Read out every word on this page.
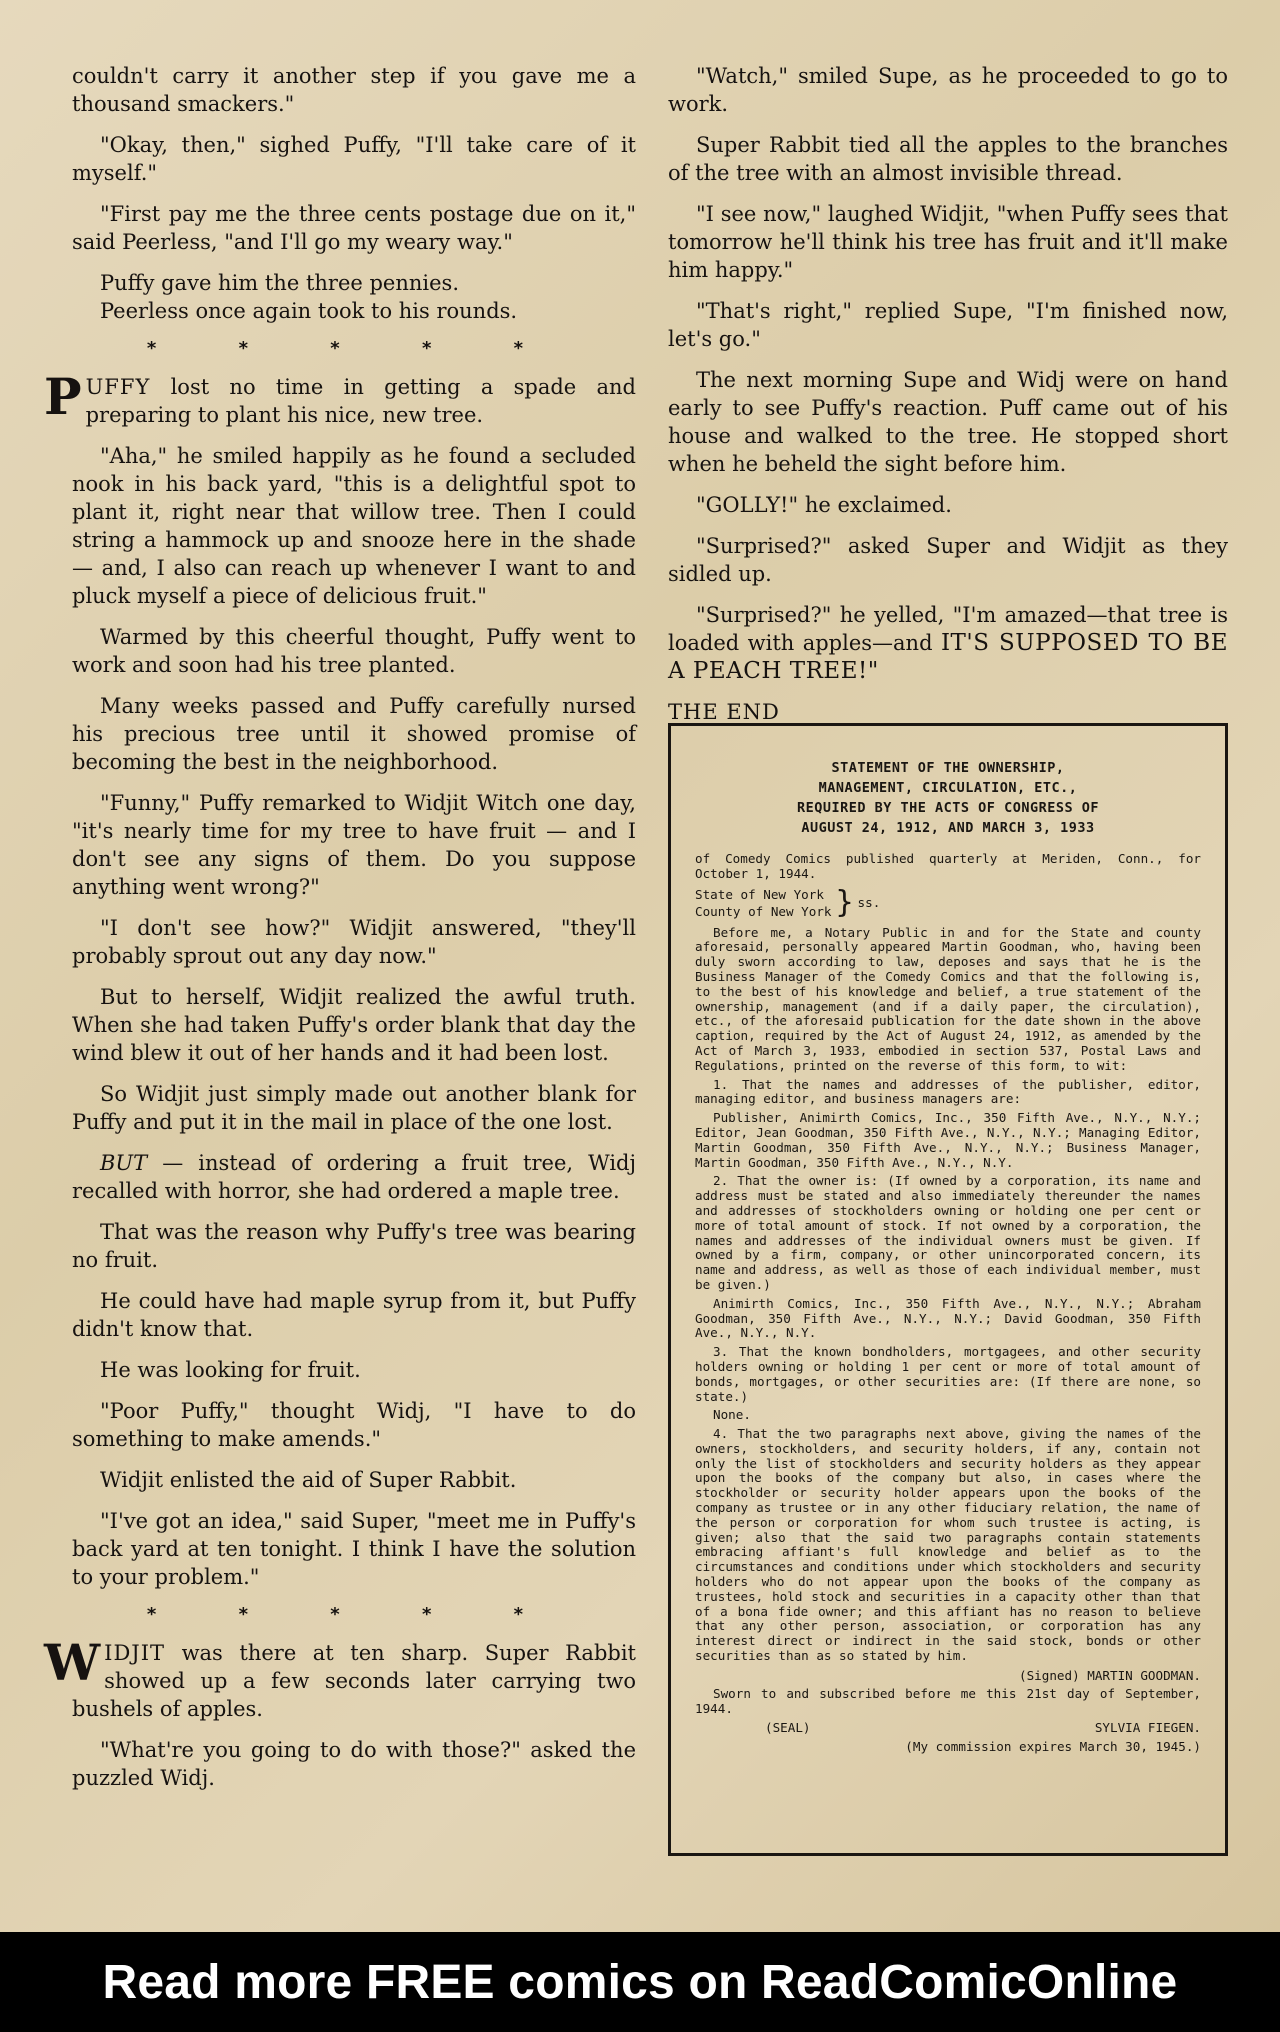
couldn't carry it another step if you gave me a thousand smackers."

"Okay, then," sighed Puffy, "I'll take care of it myself."

"First pay me the three cents postage due on it," said Peerless, "and I'll go my weary way."

Puffy gave him the three pennies.

Peerless once again took to his rounds.

* * * * *

PUFFY lost no time in getting a spade and preparing to plant his nice, new tree.

"Aha," he smiled happily as he found a secluded nook in his back yard, "this is a delightful spot to plant it, right near that willow tree. Then I could string a hammock up and snooze here in the shade — and, I also can reach up whenever I want to and pluck myself a piece of delicious fruit."

Warmed by this cheerful thought, Puffy went to work and soon had his tree planted.

Many weeks passed and Puffy carefully nursed his precious tree until it showed promise of becoming the best in the neighborhood.

"Funny," Puffy remarked to Widjit Witch one day, "it's nearly time for my tree to have fruit — and I don't see any signs of them. Do you suppose anything went wrong?"

"I don't see how?" Widjit answered, "they'll probably sprout out any day now."

But to herself, Widjit realized the awful truth. When she had taken Puffy's order blank that day the wind blew it out of her hands and it had been lost.

So Widjit just simply made out another blank for Puffy and put it in the mail in place of the one lost.

BUT — instead of ordering a fruit tree, Widj recalled with horror, she had ordered a maple tree.

That was the reason why Puffy's tree was bearing no fruit.

He could have had maple syrup from it, but Puffy didn't know that.

He was looking for fruit.

"Poor Puffy," thought Widj, "I have to do something to make amends."

Widjit enlisted the aid of Super Rabbit.

"I've got an idea," said Super, "meet me in Puffy's back yard at ten tonight. I think I have the solution to your problem."

* * * * *

WIDJIT was there at ten sharp. Super Rabbit showed up a few seconds later carrying two bushels of apples.

"What're you going to do with those?" asked the puzzled Widj.

"Watch," smiled Supe, as he proceeded to go to work.

Super Rabbit tied all the apples to the branches of the tree with an almost invisible thread.

"I see now," laughed Widjit, "when Puffy sees that tomorrow he'll think his tree has fruit and it'll make him happy."

"That's right," replied Supe, "I'm finished now, let's go."

The next morning Supe and Widj were on hand early to see Puffy's reaction. Puff came out of his house and walked to the tree. He stopped short when he beheld the sight before him.

"GOLLY!" he exclaimed.

"Surprised?" asked Super and Widjit as they sidled up.

"Surprised?" he yelled, "I'm amazed—that tree is loaded with apples—and IT'S SUPPOSED TO BE A PEACH TREE!"

THE END

STATEMENT OF THE OWNERSHIP,
MANAGEMENT, CIRCULATION, ETC.,
REQUIRED BY THE ACTS OF CONGRESS OF
AUGUST 24, 1912, AND MARCH 3, 1933

of Comedy Comics published quarterly at Meriden, Conn., for October 1, 1944.

State of New York
County of New York } ss.

Before me, a Notary Public in and for the State and county aforesaid, personally appeared Martin Goodman, who, having been duly sworn according to law, deposes and says that he is the Business Manager of the Comedy Comics and that the following is, to the best of his knowledge and belief, a true statement of the ownership, management (and if a daily paper, the circulation), etc., of the aforesaid publication for the date shown in the above caption, required by the Act of August 24, 1912, as amended by the Act of March 3, 1933, embodied in section 537, Postal Laws and Regulations, printed on the reverse of this form, to wit:

1. That the names and addresses of the publisher, editor, managing editor, and business managers are:

Publisher, Animirth Comics, Inc., 350 Fifth Ave., N.Y., N.Y.; Editor, Jean Goodman, 350 Fifth Ave., N.Y., N.Y.; Managing Editor, Martin Goodman, 350 Fifth Ave., N.Y., N.Y.; Business Manager, Martin Goodman, 350 Fifth Ave., N.Y., N.Y.

2. That the owner is: (If owned by a corporation, its name and address must be stated and also immediately thereunder the names and addresses of stockholders owning or holding one per cent or more of total amount of stock. If not owned by a corporation, the names and addresses of the individual owners must be given. If owned by a firm, company, or other unincorporated concern, its name and address, as well as those of each individual member, must be given.)

Animirth Comics, Inc., 350 Fifth Ave., N.Y., N.Y.; Abraham Goodman, 350 Fifth Ave., N.Y., N.Y.; David Goodman, 350 Fifth Ave., N.Y., N.Y.

3. That the known bondholders, mortgagees, and other security holders owning or holding 1 per cent or more of total amount of bonds, mortgages, or other securities are: (If there are none, so state.)

None.

4. That the two paragraphs next above, giving the names of the owners, stockholders, and security holders, if any, contain not only the list of stockholders and security holders as they appear upon the books of the company but also, in cases where the stockholder or security holder appears upon the books of the company as trustee or in any other fiduciary relation, the name of the person or corporation for whom such trustee is acting, is given; also that the said two paragraphs contain statements embracing affiant's full knowledge and belief as to the circumstances and conditions under which stockholders and security holders who do not appear upon the books of the company as trustees, hold stock and securities in a capacity other than that of a bona fide owner; and this affiant has no reason to believe that any other person, association, or corporation has any interest direct or indirect in the said stock, bonds or other securities than as so stated by him.

(Signed) MARTIN GOODMAN.

Sworn to and subscribed before me this 21st day of September, 1944.

(SEAL)	SYLVIA FIEGEN.
(My commission expires March 30, 1945.)
Read more FREE comics on ReadComicOnline
